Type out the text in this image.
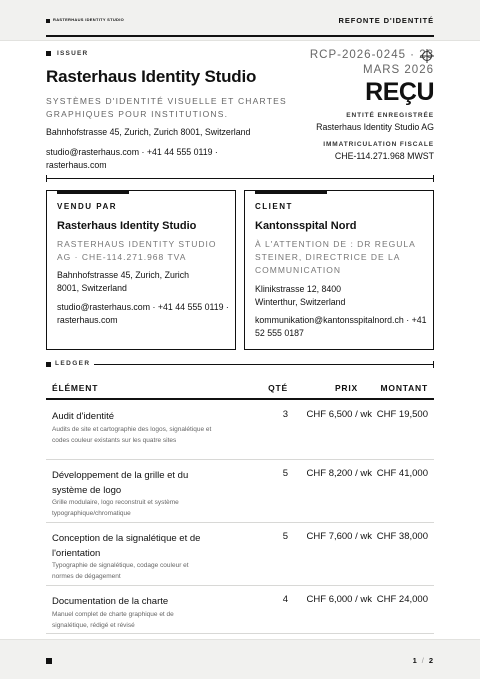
RASTERHAUS IDENTITY STUDIO	REFONTE D'IDENTITÉ
ISSUER
Rasterhaus Identity Studio
SYSTÈMES D'IDENTITÉ VISUELLE ET CHARTES GRAPHIQUES POUR INSTITUTIONS.
Bahnhofstrasse 45, Zurich, Zurich 8001, Switzerland
studio@rasterhaus.com · +41 44 555 0119 · rasterhaus.com
RCP-2026-0245 · 23
MARS 2026
REÇU
ENTITÉ ENREGISTRÉE
Rasterhaus Identity Studio AG
IMMATRICULATION FISCALE
CHE-114.271.968 MWST
VENDU PAR
Rasterhaus Identity Studio
RASTERHAUS IDENTITY STUDIO AG · CHE-114.271.968 TVA
Bahnhofstrasse 45, Zurich, Zurich 8001, Switzerland
studio@rasterhaus.com · +41 44 555 0119 · rasterhaus.com
CLIENT
Kantonsspital Nord
À L'ATTENTION DE : DR REGULA STEINER, DIRECTRICE DE LA COMMUNICATION
Klinikstrasse 12, 8400 Winterthur, Switzerland
kommunikation@kantonsspitalnord.ch · +41 52 555 0187
LEDGER
ÉLÉMENT	QTÉ	PRIX	MONTANT
Audit d'identité
Audits de site et cartographie des logos, signalétique et codes couleur existants sur les quatre sites
3 CHF 6,500 / wk CHF 19,500
Développement de la grille et du système de logo
Grille modulaire, logo reconstruit et système typographique/chromatique
5 CHF 8,200 / wk CHF 41,000
Conception de la signalétique et de l'orientation
Typographie de signalétique, codage couleur et normes de dégagement
5 CHF 7,600 / wk CHF 38,000
Documentation de la charte
Manuel complet de charte graphique et de signalétique, rédigé et révisé
4 CHF 6,000 / wk CHF 24,000
1 / 2
